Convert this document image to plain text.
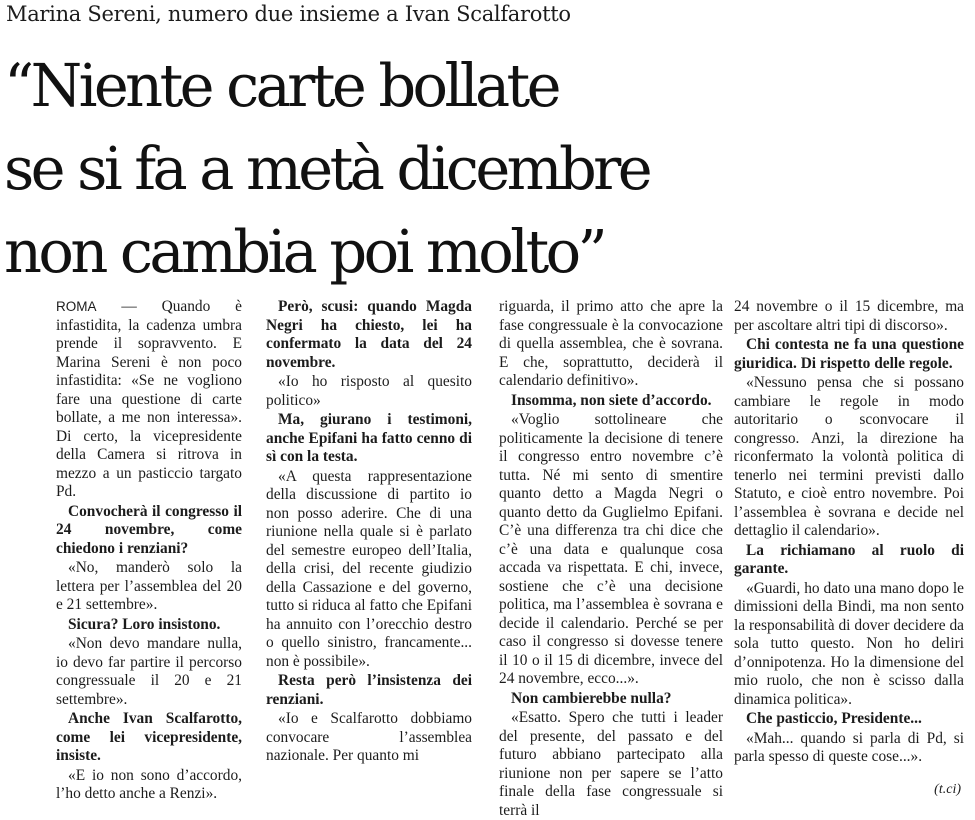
Marina Sereni, numero due insieme a Ivan Scalfarotto
“Niente carte bollate
se si fa a metà dicembre
non cambia poi molto”

ROMA — Quando è infastidita, la cadenza umbra prende il sopravvento. E Marina Sereni è non poco infastidita: «Se ne vogliono fare una questione di carte bollate, a me non interessa». Di certo, la vicepresidente della Camera si ritrova in mezzo a un pasticcio targato Pd.

Convocherà il congresso il 24 novembre, come chiedono i renziani?

«No, manderò solo la lettera per l’assemblea del 20 e 21 settembre».

Sicura? Loro insistono.

«Non devo mandare nulla, io devo far partire il percorso congressuale il 20 e 21 settembre».

Anche Ivan Scalfarotto, come lei vicepresidente, insiste.

«E io non sono d’accordo, l’ho detto anche a Renzi».

Però, scusi: quando Magda Negri ha chiesto, lei ha confermato la data del 24 novembre.

«Io ho risposto al quesito politico»

Ma, giurano i testimoni, anche Epifani ha fatto cenno di sì con la testa.

«A questa rappresentazione della discussione di partito io non posso aderire. Che di una riunione nella quale si è parlato del semestre europeo dell’Italia, della crisi, del recente giudizio della Cassazione e del governo, tutto si riduca al fatto che Epifani ha annuito con l’orecchio destro o quello sinistro, francamente... non è possibile».

Resta però l’insistenza dei renziani.

«Io e Scalfarotto dobbiamo convocare l’assemblea nazionale. Per quanto mi

riguarda, il primo atto che apre la fase congressuale è la convocazione di quella assemblea, che è sovrana. E che, soprattutto, deciderà il calendario definitivo».

Insomma, non siete d’accordo.

«Voglio sottolineare che politicamente la decisione di tenere il congresso entro novembre c’è tutta. Né mi sento di smentire quanto detto a Magda Negri o quanto detto da Guglielmo Epifani. C’è una differenza tra chi dice che c’è una data e qualunque cosa accada va rispettata. E chi, invece, sostiene che c’è una decisione politica, ma l’assemblea è sovrana e decide il calendario. Perché se per caso il congresso si dovesse tenere il 10 o il 15 di dicembre, invece del 24 novembre, ecco...».

Non cambierebbe nulla?

«Esatto. Spero che tutti i leader del presente, del passato e del futuro abbiano partecipato alla riunione non per sapere se l’atto finale della fase congressuale si terrà il

24 novembre o il 15 dicembre, ma per ascoltare altri tipi di discorso».

Chi contesta ne fa una questione giuridica. Di rispetto delle regole.

«Nessuno pensa che si possano cambiare le regole in modo autoritario o sconvocare il congresso. Anzi, la direzione ha riconfermato la volontà politica di tenerlo nei termini previsti dallo Statuto, e cioè entro novembre. Poi l’assemblea è sovrana e decide nel dettaglio il calendario».

La richiamano al ruolo di garante.

«Guardi, ho dato una mano dopo le dimissioni della Bindi, ma non sento la responsabilità di dover decidere da sola tutto questo. Non ho deliri d’onnipotenza. Ho la dimensione del mio ruolo, che non è scisso dalla dinamica politica».

Che pasticcio, Presidente...

«Mah... quando si parla di Pd, si parla spesso di queste cose...».

(t.ci)
